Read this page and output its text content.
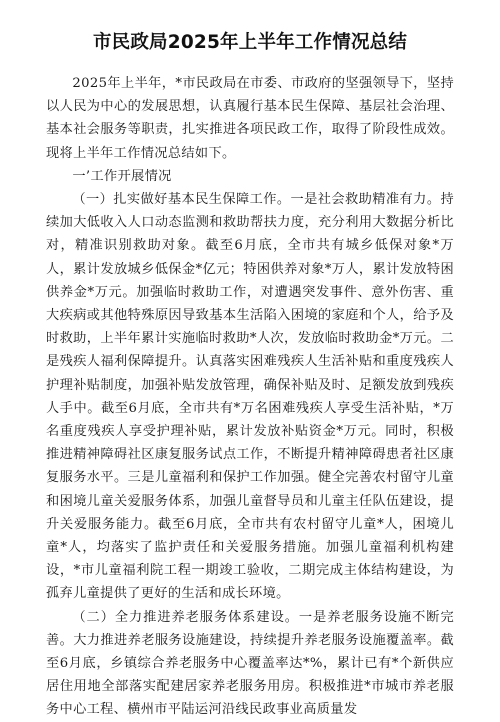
市民政局2025年上半年工作情况总结

2025年上半年，*市民政局在市委、市政府的坚强领导下，坚持以人民为中心的发展思想，认真履行基本民生保障、基层社会治理、基本社会服务等职责，扎实推进各项民政工作，取得了阶段性成效。现将上半年工作情况总结如下。

一’工作开展情况

（一）扎实做好基本民生保障工作。一是社会救助精准有力。持续加大低收入人口动态监测和救助帮扶力度，充分利用大数据分析比对，精准识别救助对象。截至6月底，全市共有城乡低保对象*万人，累计发放城乡低保金*亿元；特困供养对象*万人，累计发放特困供养金*万元。加强临时救助工作，对遭遇突发事件、意外伤害、重大疾病或其他特殊原因导致基本生活陷入困境的家庭和个人，给予及时救助，上半年累计实施临时救助*人次，发放临时救助金*万元。二是残疾人福利保障提升。认真落实困难残疾人生活补贴和重度残疾人护理补贴制度，加强补贴发放管理，确保补贴及时、足额发放到残疾人手中。截至6月底，全市共有*万名困难残疾人享受生活补贴，*万名重度残疾人享受护理补贴，累计发放补贴资金*万元。同时，积极推进精神障碍社区康复服务试点工作，不断提升精神障碍患者社区康复服务水平。三是儿童福利和保护工作加强。健全完善农村留守儿童和困境儿童关爱服务体系，加强儿童督导员和儿童主任队伍建设，提升关爱服务能力。截至6月底，全市共有农村留守儿童*人，困境儿童*人，均落实了监护责任和关爱服务措施。加强儿童福利机构建设，*市儿童福利院工程一期竣工验收，二期完成主体结构建设，为孤弃儿童提供了更好的生活和成长环境。

（二）全力推进养老服务体系建设。一是养老服务设施不断完善。大力推进养老服务设施建设，持续提升养老服务设施覆盖率。截至6月底，乡镇综合养老服务中心覆盖率达*%，累计已有*个新供应居住用地全部落实配建居家养老服务用房。积极推进*市城市养老服务中心工程、横州市平陆运河沿线民政事业高质量发
